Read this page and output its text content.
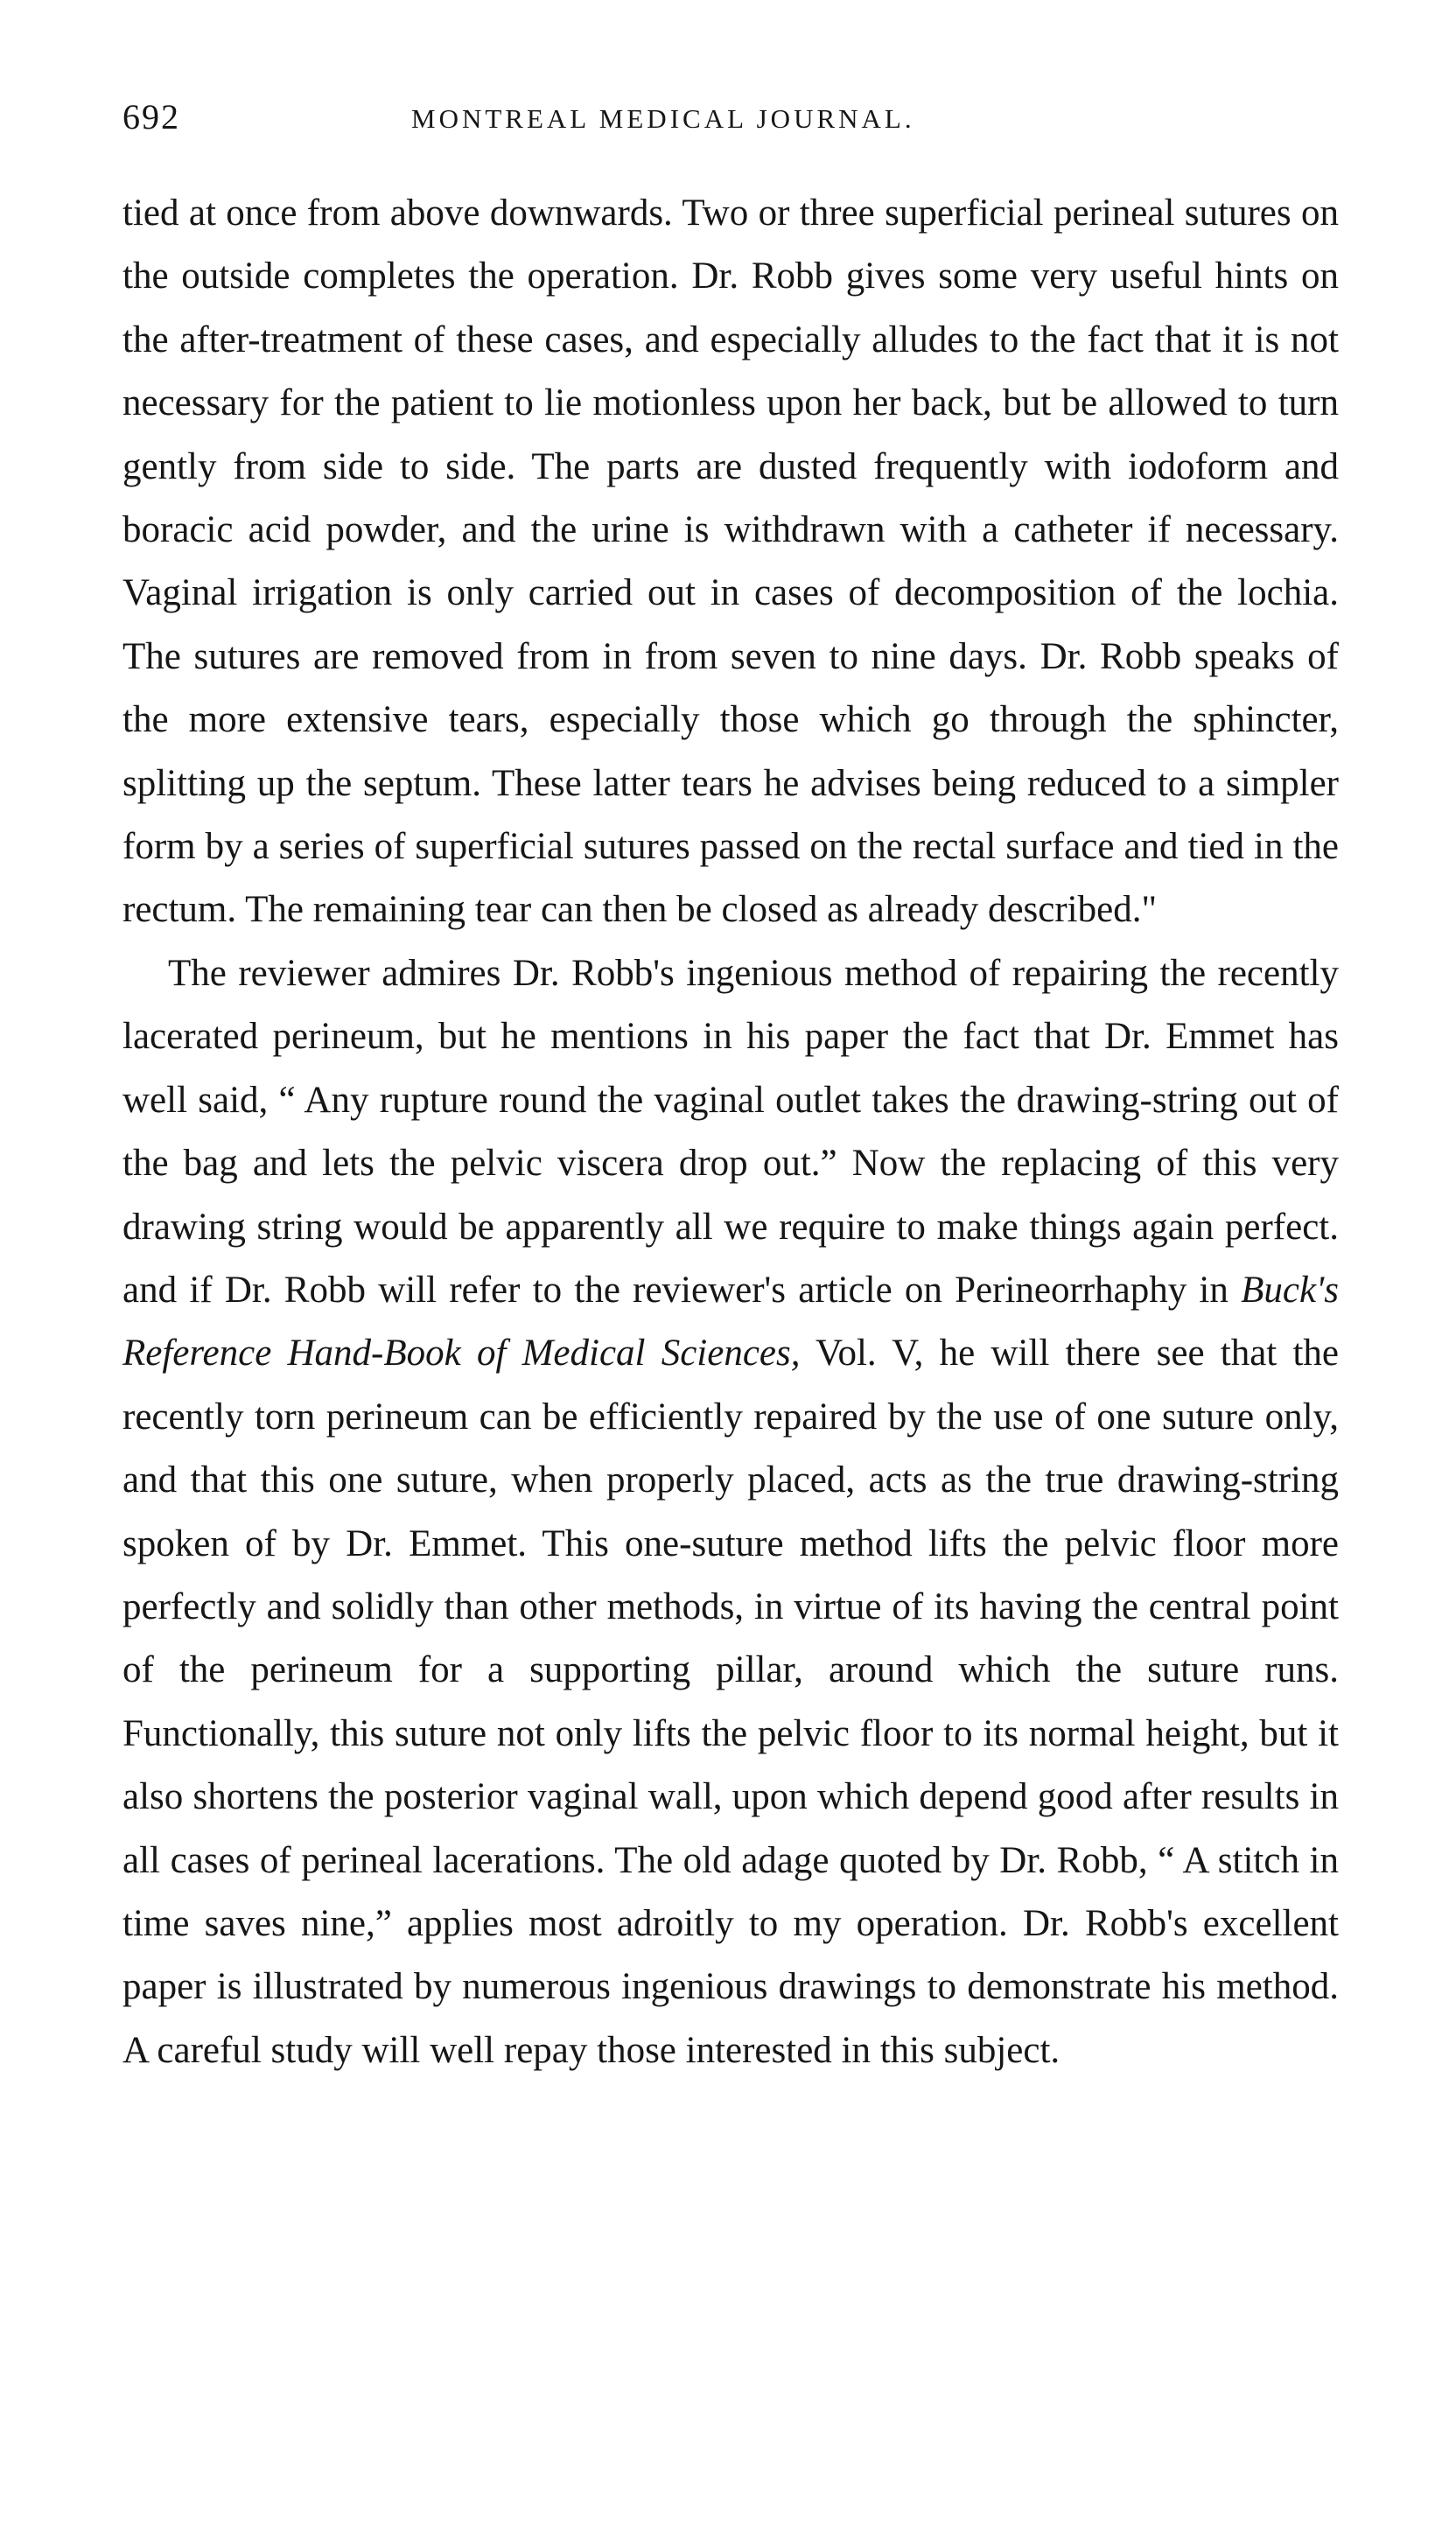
692	MONTREAL MEDICAL JOURNAL.

tied at once from above downwards. Two or three superficial perineal sutures on the outside completes the operation. Dr. Robb gives some very useful hints on the after-treatment of these cases, and especially alludes to the fact that it is not necessary for the patient to lie motionless upon her back, but be allowed to turn gently from side to side. The parts are dusted frequently with iodoform and boracic acid powder, and the urine is withdrawn with a catheter if necessary. Vaginal irrigation is only carried out in cases of decomposition of the lochia. The sutures are removed from in from seven to nine days. Dr. Robb speaks of the more extensive tears, especially those which go through the sphincter, splitting up the septum. These latter tears he advises being reduced to a simpler form by a series of superficial sutures passed on the rectal surface and tied in the rectum. The remaining tear can then be closed as already described."

The reviewer admires Dr. Robb's ingenious method of repairing the recently lacerated perineum, but he mentions in his paper the fact that Dr. Emmet has well said, “ Any rupture round the vaginal outlet takes the drawing-string out of the bag and lets the pelvic viscera drop out.” Now the replacing of this very drawing string would be apparently all we require to make things again perfect. and if Dr. Robb will refer to the reviewer's article on Perineorrhaphy in Buck's Reference Hand-Book of Medical Sciences, Vol. V, he will there see that the recently torn perineum can be efficiently repaired by the use of one suture only, and that this one suture, when properly placed, acts as the true drawing-string spoken of by Dr. Emmet. This one-suture method lifts the pelvic floor more perfectly and solidly than other methods, in virtue of its having the central point of the perineum for a supporting pillar, around which the suture runs. Functionally, this suture not only lifts the pelvic floor to its normal height, but it also shortens the posterior vaginal wall, upon which depend good after results in all cases of perineal lacerations. The old adage quoted by Dr. Robb, “ A stitch in time saves nine,” applies most adroitly to my operation. Dr. Robb's excellent paper is illustrated by numerous ingenious drawings to demonstrate his method. A careful study will well repay those interested in this subject.
